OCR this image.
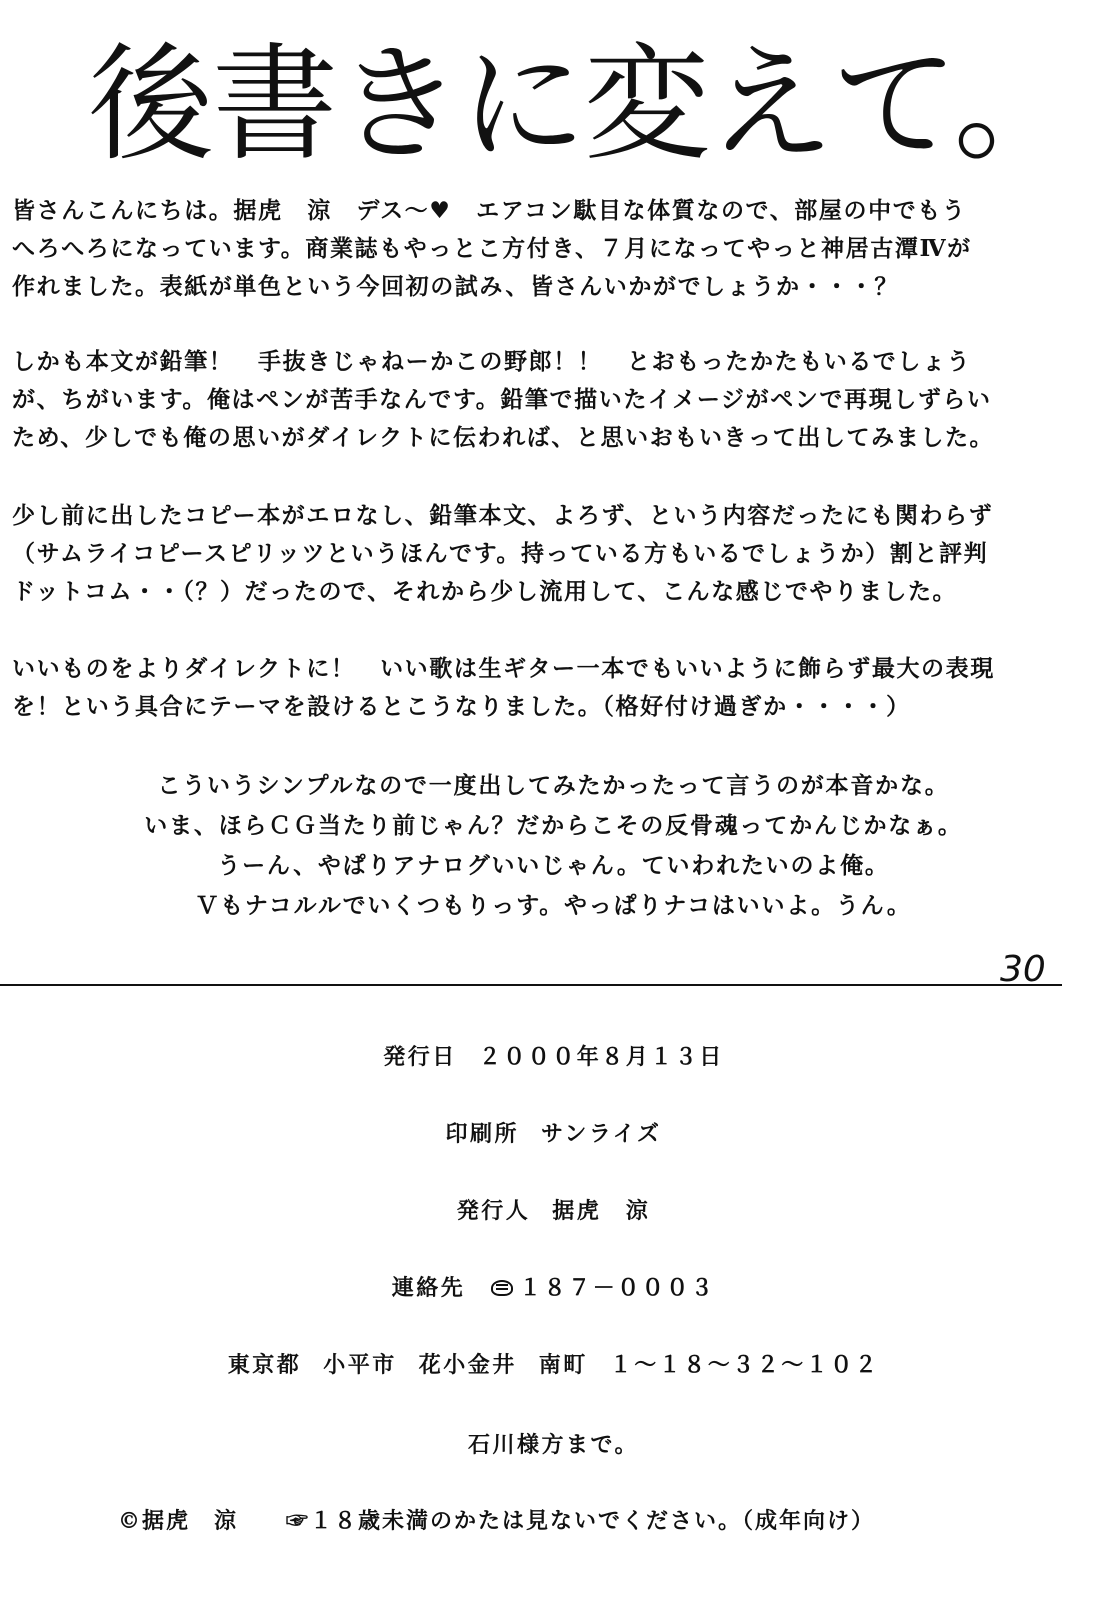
後書きに変えて。
皆さんこんにちは。据虎　涼　デス～♥　エアコン駄目な体質なので、部屋の中でもう
へろへろになっています。商業誌もやっとこ方付き、７月になってやっと神居古潭Ⅳが
作れました。表紙が単色という今回初の試み、皆さんいかがでしょうか・・・？
しかも本文が鉛筆！　手抜きじゃねーかこの野郎！！　とおもったかたもいるでしょう
が、ちがいます。俺はペンが苦手なんです。鉛筆で描いたイメージがペンで再現しずらい
ため、少しでも俺の思いがダイレクトに伝われば、と思いおもいきって出してみました。
少し前に出したコピー本がエロなし、鉛筆本文、よろず、という内容だったにも関わらず
（サムライコピースピリッツというほんです。持っている方もいるでしょうか）割と評判
ドットコム・・（？）だったので、それから少し流用して、こんな感じでやりました。
いいものをよりダイレクトに！　いい歌は生ギター一本でもいいように飾らず最大の表現
を！という具合にテーマを設けるとこうなりました。（格好付け過ぎか・・・・）
こういうシンプルなので一度出してみたかったって言うのが本音かな。
いま、ほらＣＧ当たり前じゃん？だからこその反骨魂ってかんじかなぁ。
うーん、やぱりアナログいいじゃん。ていわれたいのよ俺。
Ｖもナコルルでいくつもりっす。やっぱりナコはいいよ。うん。
30
発行日 ２０００年８月１３日
印刷所 サンライズ
発行人 据虎　涼
連絡先 １８７－０００３
東京都 小平市 花小金井 南町 １～１８～３２～１０２
石川様方まで。
©据虎　涼 ☞１８歳未満のかたは見ないでください。（成年向け）
